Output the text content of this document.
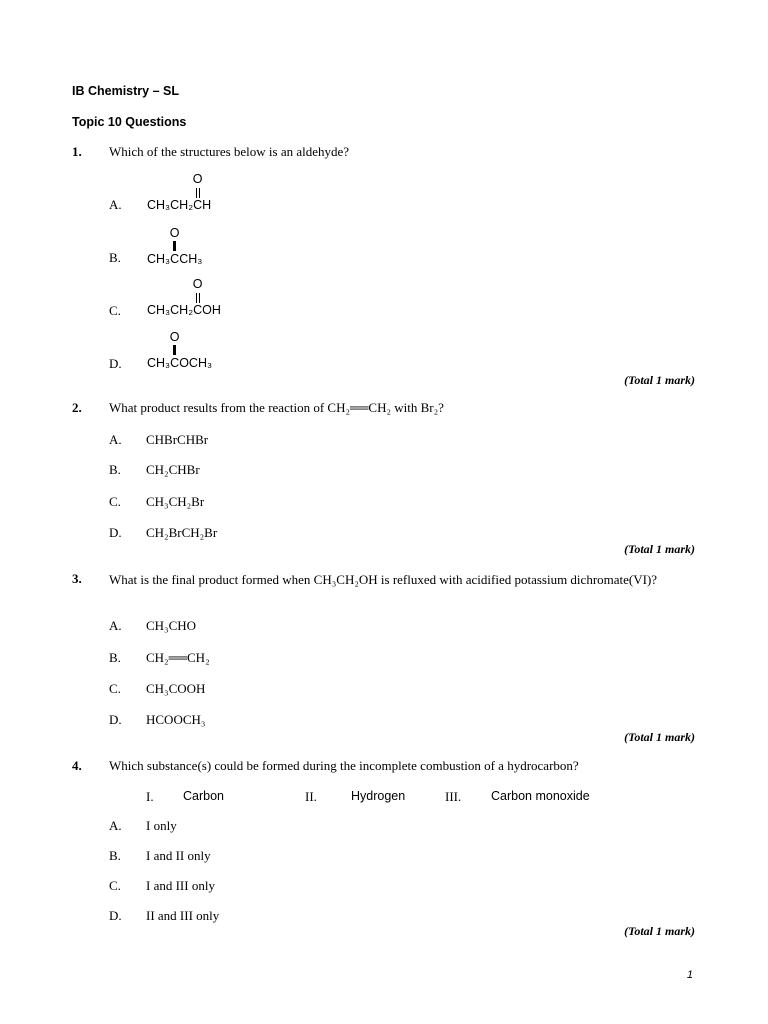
IB Chemistry – SL
Topic 10 Questions
1. Which of the structures below is an aldehyde?
A. CH₃CH₂C
O
H
B. CH₃C
O
CH₃
C. CH₃CH₂C
O
OH
D. CH₃C
O
OCH₃
(Total 1 mark)
2. What product results from the reaction of CH₂══CH₂ with Br₂?
A. CHBrCHBr
B. CH₂CHBr
C. CH₃CH₂Br
D. CH₂BrCH₂Br
(Total 1 mark)
3. What is the final product formed when CH₃CH₂OH is refluxed with acidified potassium dichromate(VI)?
A. CH₃CHO
B. CH₂══CH₂
C. CH₃COOH
D. HCOOCH₃
(Total 1 mark)
4. Which substance(s) could be formed during the incomplete combustion of a hydrocarbon?
I. Carbon	II.	Hydrogen	III. Carbon monoxide
A. I only
B. I and II only
C. I and III only
D. II and III only
(Total 1 mark)
1
